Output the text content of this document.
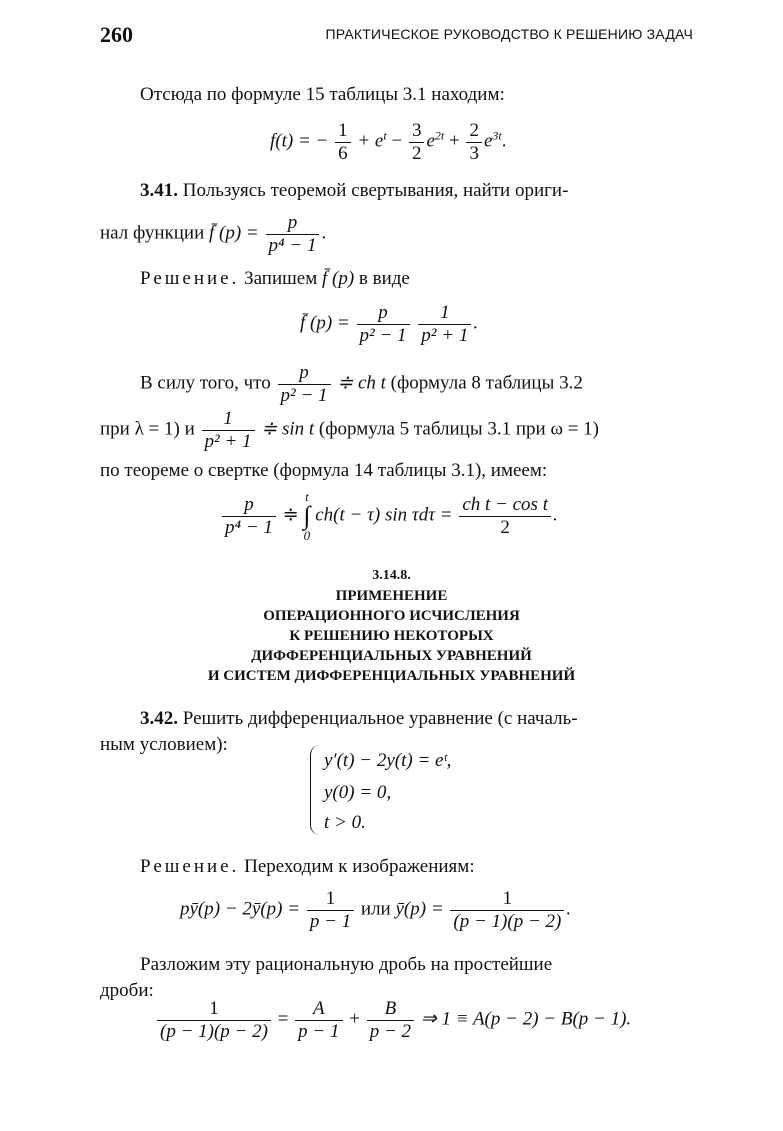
260	ПРАКТИЧЕСКОЕ РУКОВОДСТВО К РЕШЕНИЮ ЗАДАЧ
Отсюда по формуле 15 таблицы 3.1 находим:
f(t) = − $\frac{1}{6} + e^t - \frac{3}{2} e^{2t} + \frac{2}{3} e^{3t}$.
3.41. Пользуясь теоремой свертывания, найти ориги-
нал функции f̄ $(p) = \frac{p}{\text{p⁴ − 1}}$ .
Решение. Запишем f̄ (p) в виде
f̄ $(p) = \frac{p}{\text{p² − 1}}$
$\frac{1}{\text{p² + 1}}$ .
В силу того, что $\frac{p}{\text{p² − 1}}$ ≑ ch t (формула 8 таблицы 3.2
при λ = 1) и $\frac{1}{\text{p² + 1}}$ ≑ sin t (формула 5 таблицы 3.1 при ω = 1)
по теореме о свертке (формула 14 таблицы 3.1), имеем:
$\frac{p}{\text{p⁴ − 1}}$ ≑
t
∫
0
ch(t − τ) $\sin \tau d\tau = \frac{\text{ch t − cos t}}{2}$ .
3.14.8.
ПРИМЕНЕНИЕ
ОПЕРАЦИОННОГО ИСЧИСЛЕНИЯ
К РЕШЕНИЮ НЕКОТОРЫХ
ДИФФЕРЕНЦИАЛЬНЫХ УРАВНЕНИЙ
И СИСТЕМ ДИФФЕРЕНЦИАЛЬНЫХ УРАВНЕНИЙ
3.42. Решить дифференциальное уравнение (с началь-
ным условием):
y′(t) − 2y(t) = eᵗ,
y(0) = 0,
t > 0.
Решение. Переходим к изображениям:
pȳ(p) − 2ȳ(p) = $\frac{1}{p - 1}$ или ȳ(p) = $\frac{1}{(p - 1)(p - 2)}$ .
Разложим эту рациональную дробь на простейшие
дроби:
$\frac{1}{(p - 1)(p - 2)} = \frac{A}{p - 1} + \frac{B}{p - 2}$ ⇒ 1 ≡ A(p − 2) − B(p − 1).
